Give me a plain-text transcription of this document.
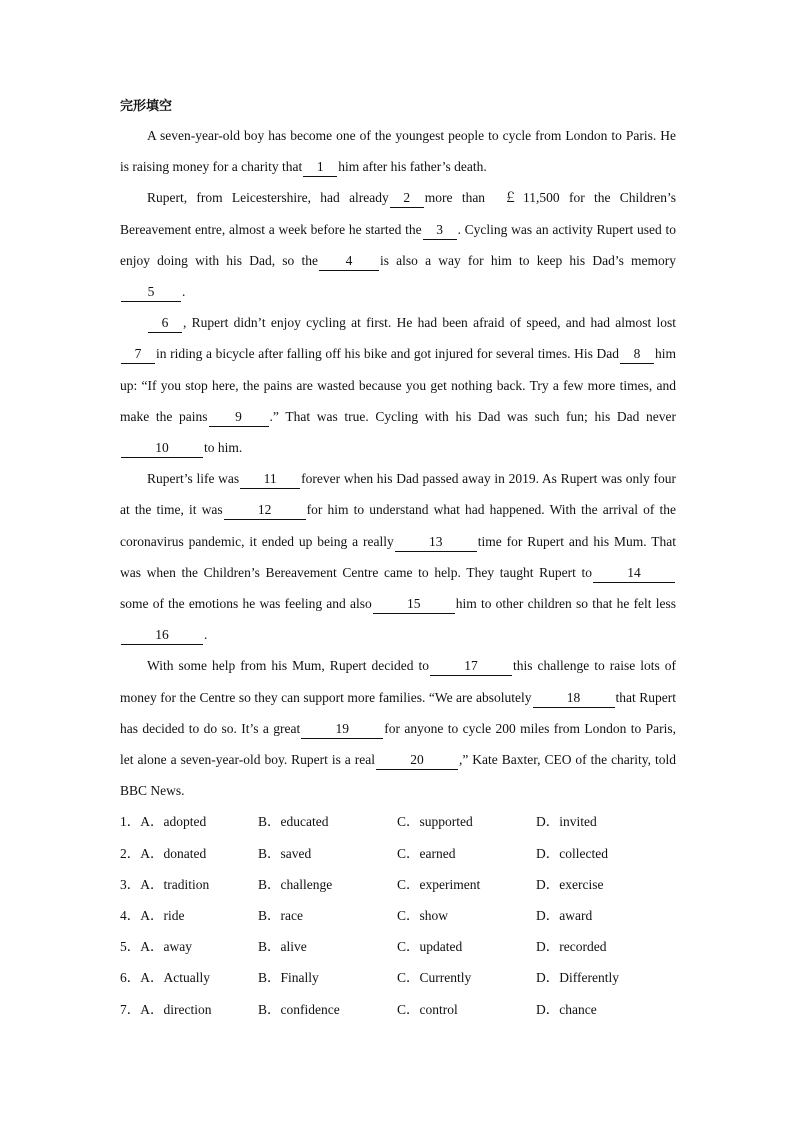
完形填空

A seven-year-old boy has become one of the youngest people to cycle from London to Paris. He is raising money for a charity that 1 him after his father’s death.

Rupert, from Leicestershire, had already 2 more than  ￡11,500 for the Children’s Bereavement entre, almost a week before he started the 3 . Cycling was an activity Rupert used to enjoy doing with his Dad, so the 4 is also a way for him to keep his Dad’s memory5 .

6 , Rupert didn’t enjoy cycling at first. He had been afraid of speed, and had almost lost7 in riding a bicycle after falling off his bike and got injured for several times. His Dad 8 him up: “If you stop here, the pains are wasted because you get nothing back. Try a few more times, and make the pains 9 .” That was true. Cycling with his Dad was such fun; his Dad never10	to him.

Rupert’s life was 11 forever when his Dad passed away in 2019. As Rupert was only four at the time, it was	12	for him to understand what had happened. With the arrival of the coronavirus pandemic, it ended up being a really	13	time for Rupert and his Mum. That was when the Children’s Bereavement Centre came to help. They taught Rupert to	14some of the emotions he was feeling and also	15	him to other children so that he felt less16	.

With some help from his Mum, Rupert decided to	17	this challenge to raise lots of money for the Centre so they can support more families. “We are absolutely	18	that Rupert has decided to do so. It’s a great	19	for anyone to cycle 200 miles from London to Paris, let alone a seven-year-old boy. Rupert is a real	20	,” Kate Baxter, CEO of the charity, told BBC News.

1．A．adopted	B．educated	C．supported	D．invited
2．A．donated	B．saved	C．earned	D．collected
3．A．tradition	B．challenge	C．experiment	D．exercise
4．A．ride	B．race	C．show	D．award
5．A．away	B．alive	C．updated	D．recorded
6．A．Actually	B．Finally	C．Currently	D．Differently
7．A．direction	B．confidence	C．control	D．chance
